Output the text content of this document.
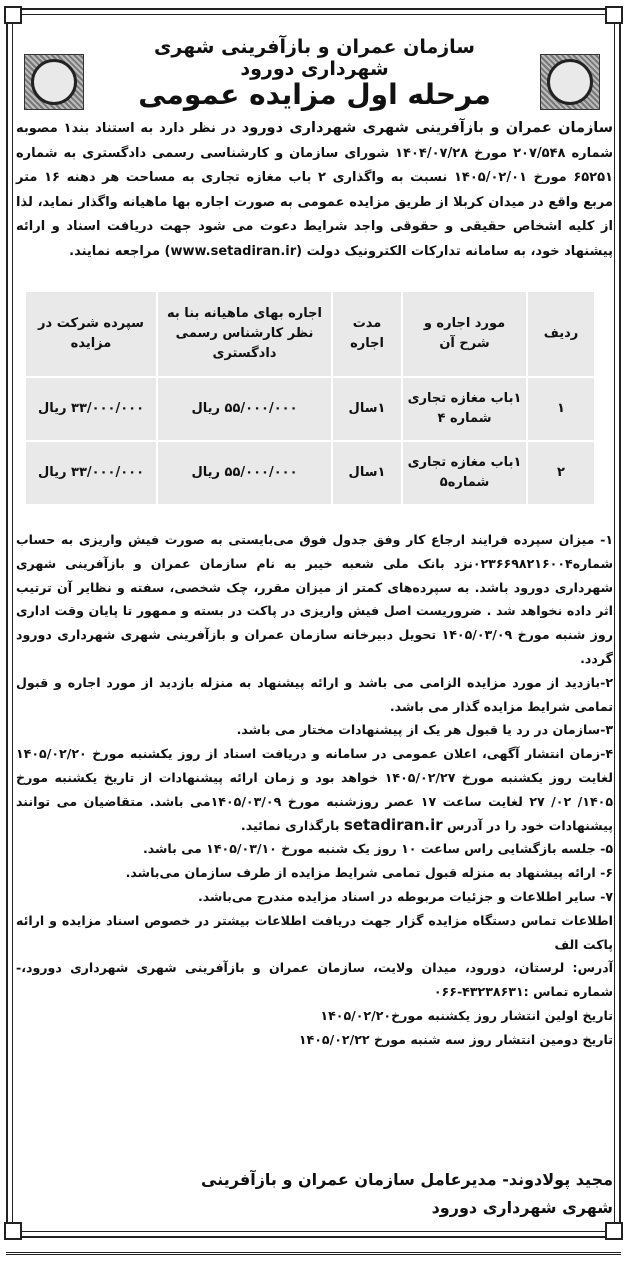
سازمان عمران و بازآفرینی شهری شهرداری دورود
مرحله اول مزایده عمومی
سازمان عمران و بازآفرینی شهری شهرداری دورود در نظر دارد به استناد بند۱ مصوبه شماره ۲۰۷/۵۴۸ مورخ ۱۴۰۴/۰۷/۲۸ شورای سازمان و کارشناسی رسمی دادگستری به شماره ۶۵۲۵۱ مورخ ۱۴۰۵/۰۲/۰۱ نسبت به واگذاری ۲ باب مغازه تجاری به مساحت هر دهنه ۱۶ متر مربع واقع در میدان کربلا از طریق مزایده عمومی به صورت اجاره بها ماهیانه واگذار نماید، لذا از کلیه اشخاص حقیقی و حقوقی واجد شرایط دعوت می شود جهت دریافت اسناد و ارائه پیشنهاد خود، به سامانه تدارکات الکترونیک دولت (www.setadiran.ir) مراجعه نمایند.
ردیف	مورد اجاره و شرح آن	مدت اجاره	اجاره بهای ماهیانه بنا به نظر کارشناس رسمی دادگستری	سپرده شرکت در مزایده
۱	۱باب مغازه تجاری شماره ۴	۱سال	۵۵/۰۰۰/۰۰۰ ریال	۳۳/۰۰۰/۰۰۰ ریال
۲	۱باب مغازه تجاری شماره۵	۱سال	۵۵/۰۰۰/۰۰۰ ریال	۳۳/۰۰۰/۰۰۰ ریال

۱- میزان سپرده فرایند ارجاع کار وفق جدول فوق می‌بایستی به صورت فیش واریزی به حساب شماره۰۲۳۶۶۹۸۲۱۶۰۰۴نزد بانک ملی شعبه خیبر به نام سازمان عمران و بازآفرینی شهری شهرداری دورود باشد. به سپرده‌های کمتر از میزان مقرر، چک شخصی، سفته و نظایر آن ترتیب اثر داده نخواهد شد . ضروریست اصل فیش واریزی در پاکت در بسته و ممهور تا پایان وقت اداری روز شنبه مورخ ۱۴۰۵/۰۳/۰۹ تحویل دبیرخانه سازمان عمران و بازآفرینی شهری شهرداری دورود گردد.

۲-بازدید از مورد مزایده الزامی می باشد و ارائه پیشنهاد به منزله بازدید از مورد اجاره و قبول تمامی شرایط مزایده گذار می باشد.

۳-سازمان در رد یا قبول هر یک از پیشنهادات مختار می باشد.

۴-زمان انتشار آگهی، اعلان عمومی در سامانه و دریافت اسناد از روز یکشنبه مورخ ۱۴۰۵/۰۲/۲۰ لغایت روز یکشنبه مورخ ۱۴۰۵/۰۲/۲۷ خواهد بود و زمان ارائه پیشنهادات از تاریخ یکشنبه مورخ ۱۴۰۵/ ۰۲/ ۲۷ لغایت ساعت ۱۷ عصر روزشنبه مورخ ۱۴۰۵/۰۳/۰۹می باشد. متقاضیان می توانند پیشنهادات خود را در آدرس setadiran.ir بارگذاری نمائید.

۵- جلسه بازگشایی راس ساعت ۱۰ روز یک شنبه مورخ ۱۴۰۵/۰۳/۱۰ می باشد.

۶- ارائه پیشنهاد به منزله قبول تمامی شرایط مزایده از طرف سازمان می‌باشد.

۷- سایر اطلاعات و جزئیات مربوطه در اسناد مزایده مندرج می‌باشد.

اطلاعات تماس دستگاه مزایده گزار جهت دریافت اطلاعات بیشتر در خصوص اسناد مزایده و ارائه پاکت الف

آدرس: لرستان، دورود، میدان ولایت، سازمان عمران و بازآفرینی شهری شهرداری دورود،- شماره تماس :۴۳۲۳۸۶۳۱-۰۶۶

تاریخ اولین انتشار روز یکشنبه مورخ۱۴۰۵/۰۲/۲۰

تاریخ دومین انتشار روز سه شنبه مورخ ۱۴۰۵/۰۲/۲۲

مجید پولادوند- مدیرعامل سازمان عمران و بازآفرینی

شهری شهرداری دورود
